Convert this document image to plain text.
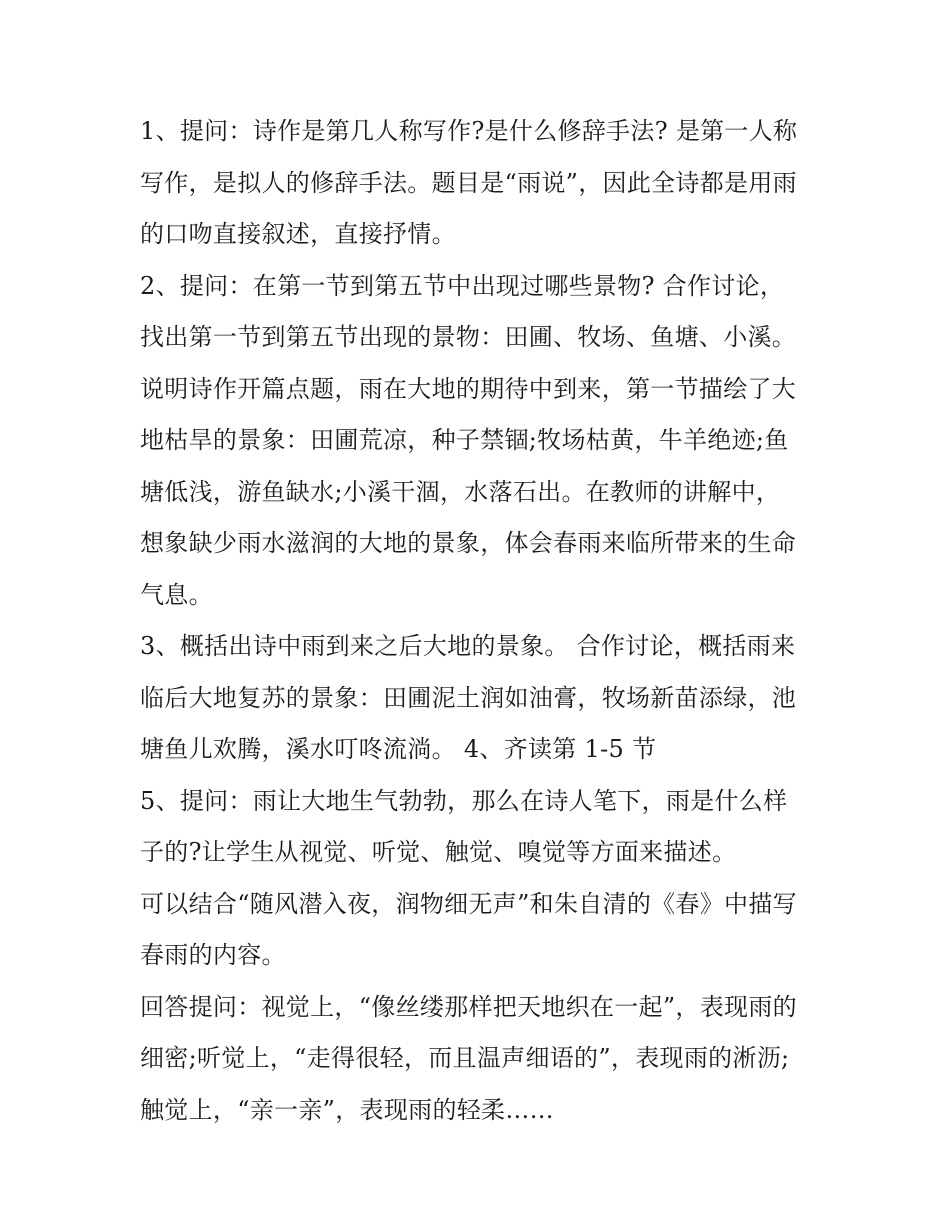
1、提问：诗作是第几人称写作?是什么修辞手法? 是第一人称
写作，是拟人的修辞手法。题目是“雨说”，因此全诗都是用雨
的口吻直接叙述，直接抒情。
2、提问：在第一节到第五节中出现过哪些景物? 合作讨论，
找出第一节到第五节出现的景物：田圃、牧场、鱼塘、小溪。
说明诗作开篇点题，雨在大地的期待中到来，第一节描绘了大
地枯旱的景象：田圃荒凉，种子禁锢;牧场枯黄，牛羊绝迹;鱼
塘低浅，游鱼缺水;小溪干涸，水落石出。在教师的讲解中，
想象缺少雨水滋润的大地的景象，体会春雨来临所带来的生命
气息。
3、概括出诗中雨到来之后大地的景象。 合作讨论，概括雨来
临后大地复苏的景象：田圃泥土润如油膏，牧场新苗添绿，池
塘鱼儿欢腾，溪水叮咚流淌。 4、齐读第 1-5 节
5、提问：雨让大地生气勃勃，那么在诗人笔下，雨是什么样
子的?让学生从视觉、听觉、触觉、嗅觉等方面来描述。
可以结合“随风潜入夜，润物细无声”和朱自清的《春》中描写
春雨的内容。
回答提问：视觉上，“像丝缕那样把天地织在一起”，表现雨的
细密;听觉上，“走得很轻，而且温声细语的”，表现雨的淅沥;
触觉上，“亲一亲”，表现雨的轻柔……
